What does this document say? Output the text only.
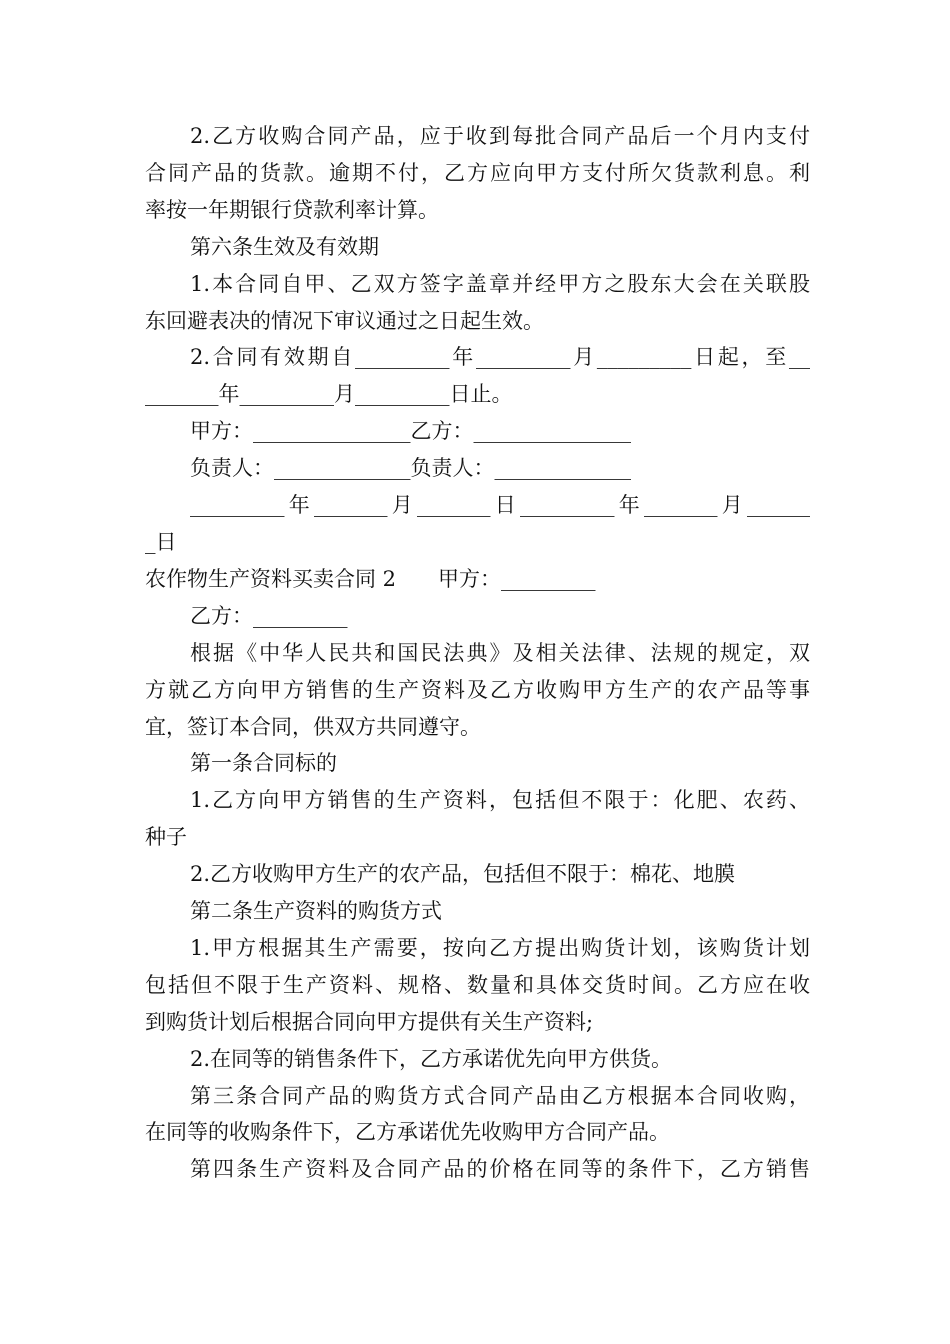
2.乙方收购合同产品，应于收到每批合同产品后一个月内支付

合同产品的货款。逾期不付，乙方应向甲方支付所欠货款利息。利

率按一年期银行贷款利率计算。

第六条生效及有效期

1.本合同自甲、乙双方签字盖章并经甲方之股东大会在关联股

东回避表决的情况下审议通过之日起生效。

2.合同有效期自_________年_________月_________日起，至__

_______年_________月_________日止。

甲方：_______________乙方：_______________

负责人：_____________负责人：_____________

_________年_______月_______日_________年_______月______

_日

农作物生产资料买卖合同 2　　甲方：_________

乙方：_________

根据《中华人民共和国民法典》及相关法律、法规的规定，双

方就乙方向甲方销售的生产资料及乙方收购甲方生产的农产品等事

宜，签订本合同，供双方共同遵守。

第一条合同标的

1.乙方向甲方销售的生产资料，包括但不限于：化肥、农药、

种子

2.乙方收购甲方生产的农产品，包括但不限于：棉花、地膜

第二条生产资料的购货方式

1.甲方根据其生产需要，按向乙方提出购货计划，该购货计划

包括但不限于生产资料、规格、数量和具体交货时间。乙方应在收

到购货计划后根据合同向甲方提供有关生产资料;

2.在同等的销售条件下，乙方承诺优先向甲方供货。

第三条合同产品的购货方式合同产品由乙方根据本合同收购，

在同等的收购条件下，乙方承诺优先收购甲方合同产品。

第四条生产资料及合同产品的价格在同等的条件下，乙方销售
